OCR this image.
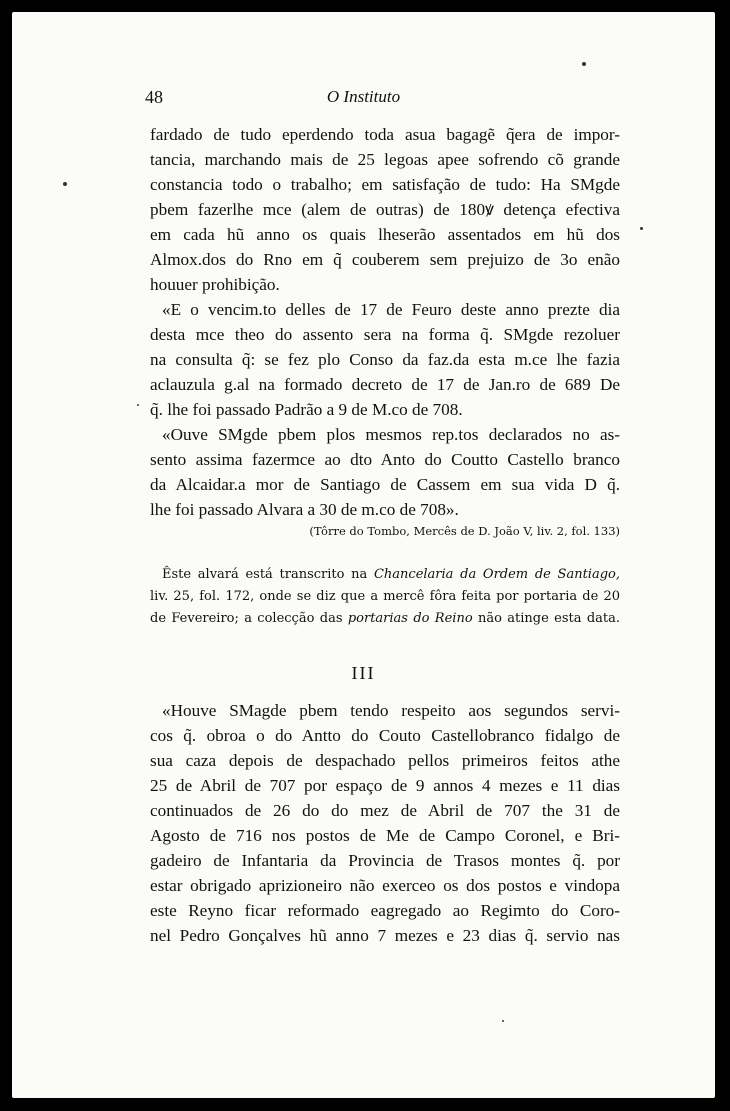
48	O Instituto
fardado de tudo eperdendo toda asua bagagẽ q̃era de impor-
tancia, marchando mais de 25 legoas apee sofrendo cõ grande
constancia todo o trabalho; em satisfação de tudo: Ha SMgde
pbem fazerlhe mce (alem de outras) de 180ꝟ detença efectiva
em cada hũ anno os quais lheserão assentados em hũ dos
Almox.dos do Rno em q̃ couberem sem prejuizo de 3o enão
houuer prohibição.
«E o vencim.to delles de 17 de Feuro deste anno prezte dia
desta mce theo do assento sera na forma q̃. SMgde rezoluer
na consulta q̃: se fez plo Conso da faz.da esta m.ce lhe fazia
aclauzula g.al na formado decreto de 17 de Jan.ro de 689 De
q̃. lhe foi passado Padrão a 9 de M.co de 708.
«Ouve SMgde pbem plos mesmos rep.tos declarados no as-
sento assima fazermce ao dto Anto do Coutto Castello branco
da Alcaidar.a mor de Santiago de Cassem em sua vida D q̃.
lhe foi passado Alvara a 30 de m.co de 708».
(Tôrre do Tombo, Mercês de D. João V, liv. 2, fol. 133)
Êste alvará está transcrito na Chancelaria da Ordem de Santiago,
liv. 25, fol. 172, onde se diz que a mercê fôra feita por portaria de 20
de Fevereiro; a colecção das portarias do Reino não atinge esta data.
III
«Houve SMagde pbem tendo respeito aos segundos servi-
cos q̃. obroa o do Antto do Couto Castellobranco fidalgo de
sua caza depois de despachado pellos primeiros feitos athe
25 de Abril de 707 por espaço de 9 annos 4 mezes e 11 dias
continuados de 26 do do mez de Abril de 707 the 31 de
Agosto de 716 nos postos de Me de Campo Coronel, e Bri-
gadeiro de Infantaria da Provincia de Trasos montes q̃. por
estar obrigado aprizioneiro não exerceo os dos postos e vindopa
este Reyno ficar reformado eagregado ao Regimto do Coro-
nel Pedro Gonçalves hũ anno 7 mezes e 23 dias q̃. servio nas
